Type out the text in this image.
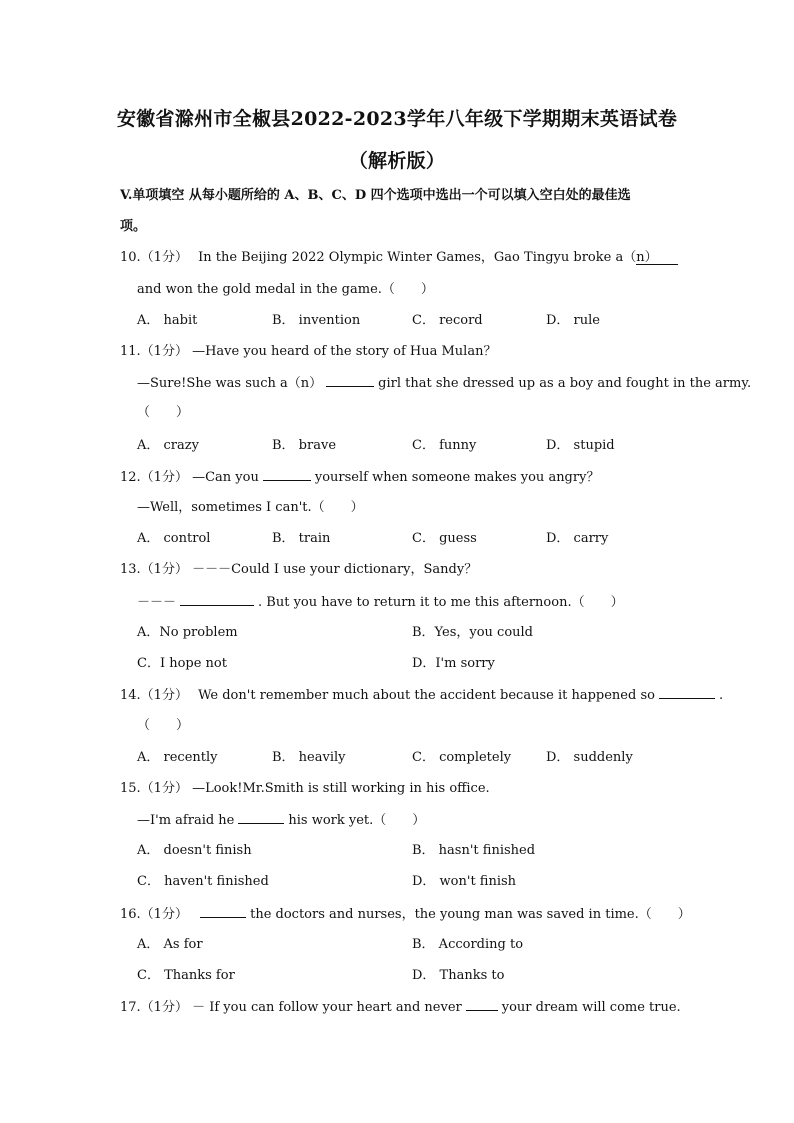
安徽省滁州市全椒县2022-2023学年八年级下学期期末英语试卷
（解析版）
V.单项填空 从每小题所给的 A、B、C、D 四个选项中选出一个可以填入空白处的最佳选
项。
10.（1分） In the Beijing 2022 Olympic Winter Games，Gao Tingyu broke a（n）
and won the gold medal in the game.（　　）
A． habit	B． invention	C． record	D． rule
11.（1分） —Have you heard of the story of Hua Mulan？
—Sure!She was such a（n）	girl that she dressed up as a boy and fought in the army.
（　　）
A． crazy	B． brave	C． funny	D． stupid
12.（1分） —Can you	yourself when someone makes you angry？
—Well，sometimes I can't.（　　）
A． control	B． train	C． guess	D． carry
13.（1分） －－－Could I use your dictionary，Sandy？
－－－	. But you have to return it to me this afternoon.（　　）
A．No problem	B．Yes，you could
C．I hope not	D．I'm sorry
14.（1分） We don't remember much about the accident because it happened so	.
（　　）
A． recently	B． heavily	C． completely	D． suddenly
15.（1分） —Look!Mr.Smith is still working in his office.
—I'm afraid he	his work yet.（　　）
A． doesn't finish	B． hasn't finished
C． haven't finished	D． won't finish
16.（1分）	the doctors and nurses，the young man was saved in time.（　　）
A． As for	B． According to
C． Thanks for	D． Thanks to
17.（1分） － If you can follow your heart and never	your dream will come true.
